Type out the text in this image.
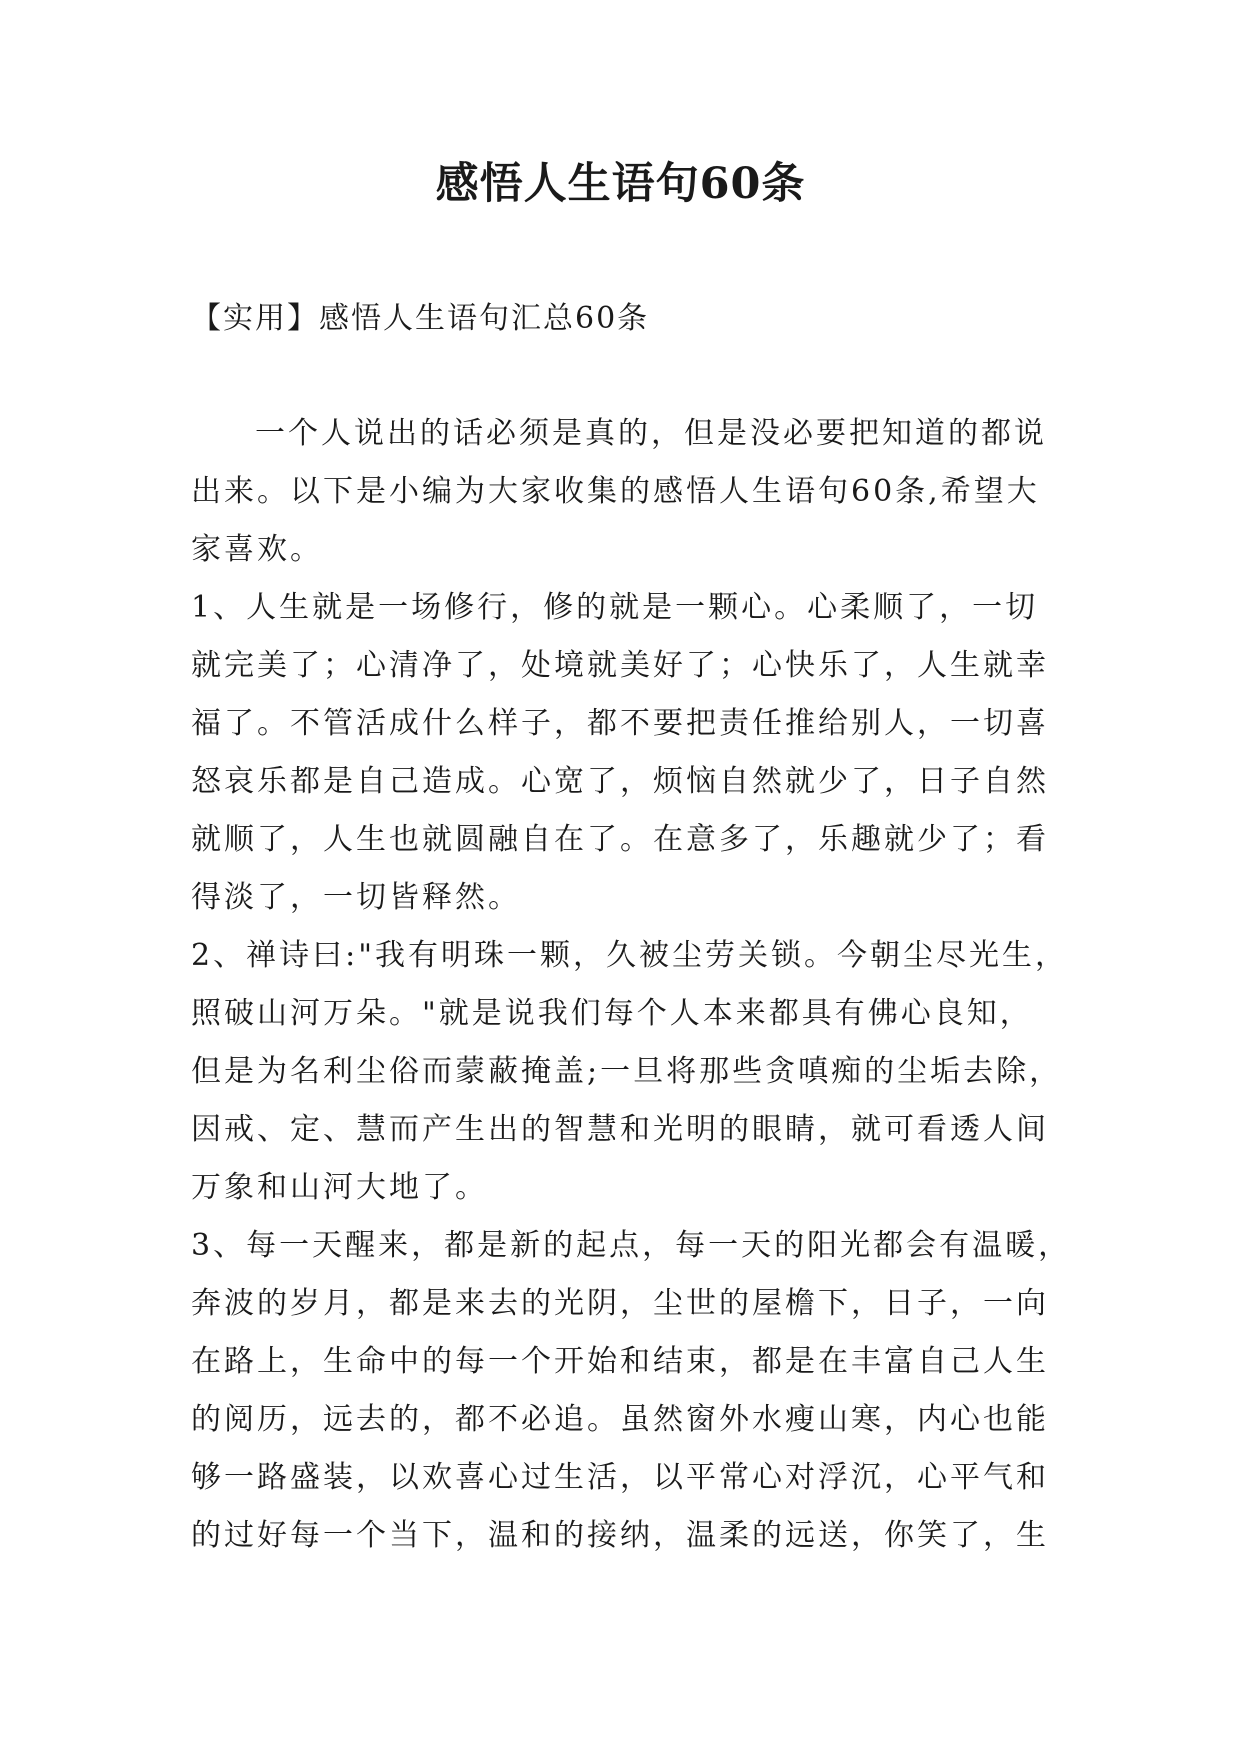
感悟人生语句60条
【实用】感悟人生语句汇总60条
一个人说出的话必须是真的，但是没必要把知道的都说
出来。以下是小编为大家收集的感悟人生语句60条,希望大
家喜欢。
1、人生就是一场修行，修的就是一颗心。心柔顺了，一切
就完美了；心清净了，处境就美好了；心快乐了，人生就幸
福了。不管活成什么样子，都不要把责任推给别人，一切喜
怒哀乐都是自己造成。心宽了，烦恼自然就少了，日子自然
就顺了，人生也就圆融自在了。在意多了，乐趣就少了；看
得淡了，一切皆释然。
2、禅诗曰:"我有明珠一颗，久被尘劳关锁。今朝尘尽光生，
照破山河万朵。"就是说我们每个人本来都具有佛心良知，
但是为名利尘俗而蒙蔽掩盖;一旦将那些贪嗔痴的尘垢去除，
因戒、定、慧而产生出的智慧和光明的眼睛，就可看透人间
万象和山河大地了。
3、每一天醒来，都是新的起点，每一天的阳光都会有温暖，
奔波的岁月，都是来去的光阴，尘世的屋檐下，日子，一向
在路上，生命中的每一个开始和结束，都是在丰富自己人生
的阅历，远去的，都不必追。虽然窗外水瘦山寒，内心也能
够一路盛装，以欢喜心过生活，以平常心对浮沉，心平气和
的过好每一个当下，温和的接纳，温柔的远送，你笑了，生
